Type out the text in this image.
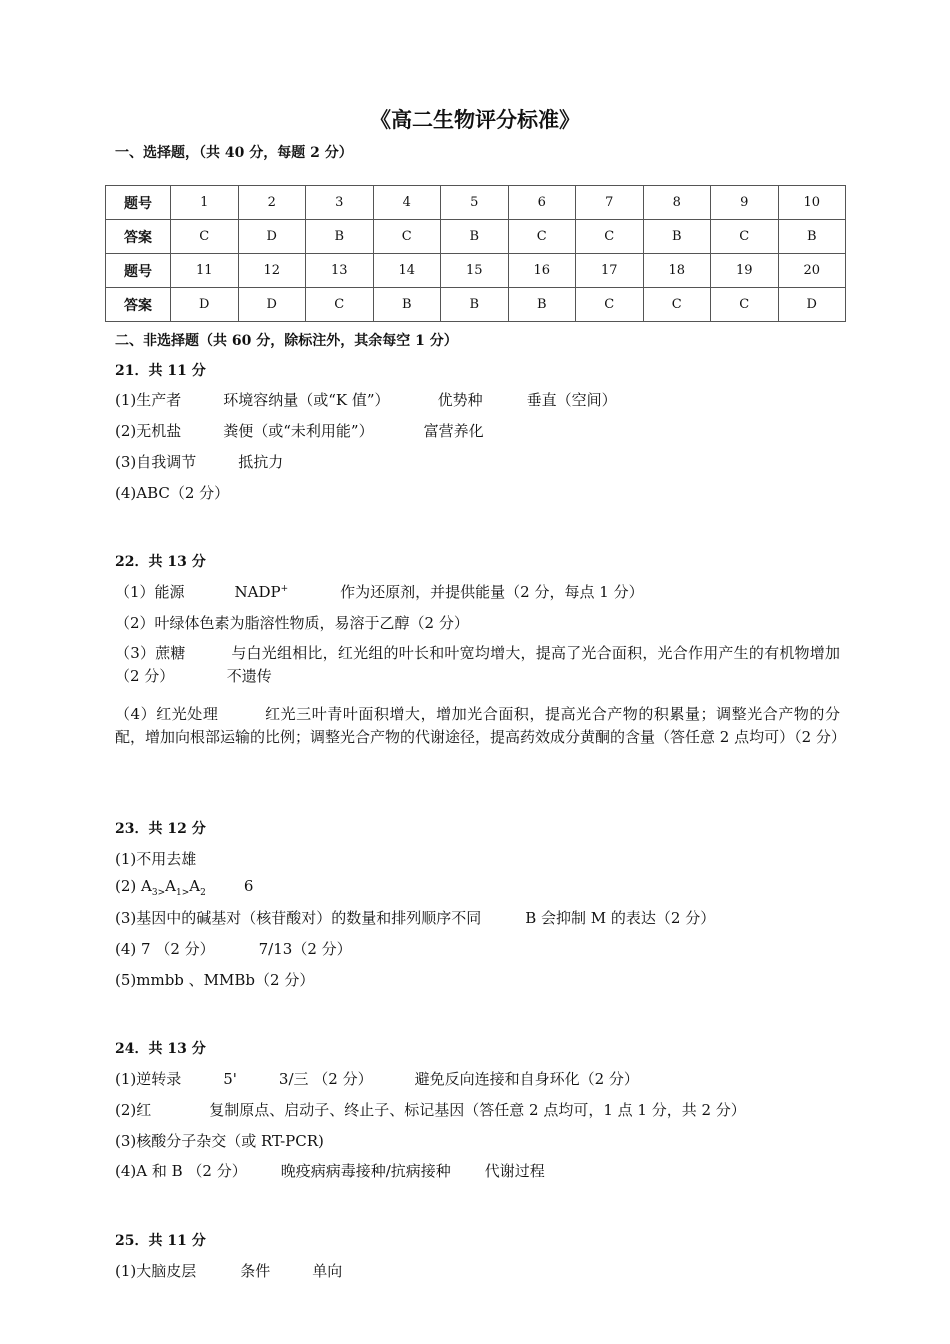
《高二生物评分标准》
一、选择题，（共 40 分，每题 2 分）
题号	1	2	3	4	5	6	7	8	9	10
答案	C	D	B	C	B	C	C	B	C	B
题号	11	12	13	14	15	16	17	18	19	20
答案	D	D	C	B	B	B	C	C	C	D
二、非选择题（共 60 分，除标注外，其余每空 1 分）
21．共 11 分
(1)生产者	环境容纳量（或“K 值”）	优势种	垂直（空间）
(2)无机盐	粪便（或“未利用能”）	富营养化
(3)自我调节	抵抗力
(4)ABC（2 分）
22．共 13 分
（1）能源	NADP+	作为还原剂，并提供能量（2 分，每点 1 分）
（2）叶绿体色素为脂溶性物质，易溶于乙醇（2 分）
（3）蔗糖　　　与白光组相比，红光组的叶长和叶宽均增大，提高了光合面积，光合作用产生的有机物增加（2 分）　　　　不遗传
（4）红光处理　　　红光三叶青叶面积增大，增加光合面积，提高光合产物的积累量；调整光合产物的分配，增加向根部运输的比例；调整光合产物的代谢途径，提高药效成分黄酮的含量（答任意 2 点均可）（2 分）
23．共 12 分
(1)不用去雄
(2) $A_{3>}A_{1>}A_2$	6
(3)基因中的碱基对（核苷酸对）的数量和排列顺序不同	B 会抑制 M 的表达（2 分）
(4) 7 （2 分）	7/13（2 分）
(5)mmbb 、MMBb（2 分）
24．共 13 分
(1)逆转录	5'	3/三 （2 分）	避免反向连接和自身环化（2 分）
(2)红	复制原点、启动子、终止子、标记基因（答任意 2 点均可，1 点 1 分，共 2 分）
(3)核酸分子杂交（或 RT-PCR)
(4)A 和 B （2 分） 晚疫病病毒接种/抗病接种 代谢过程
25．共 11 分
(1)大脑皮层	条件	单向
